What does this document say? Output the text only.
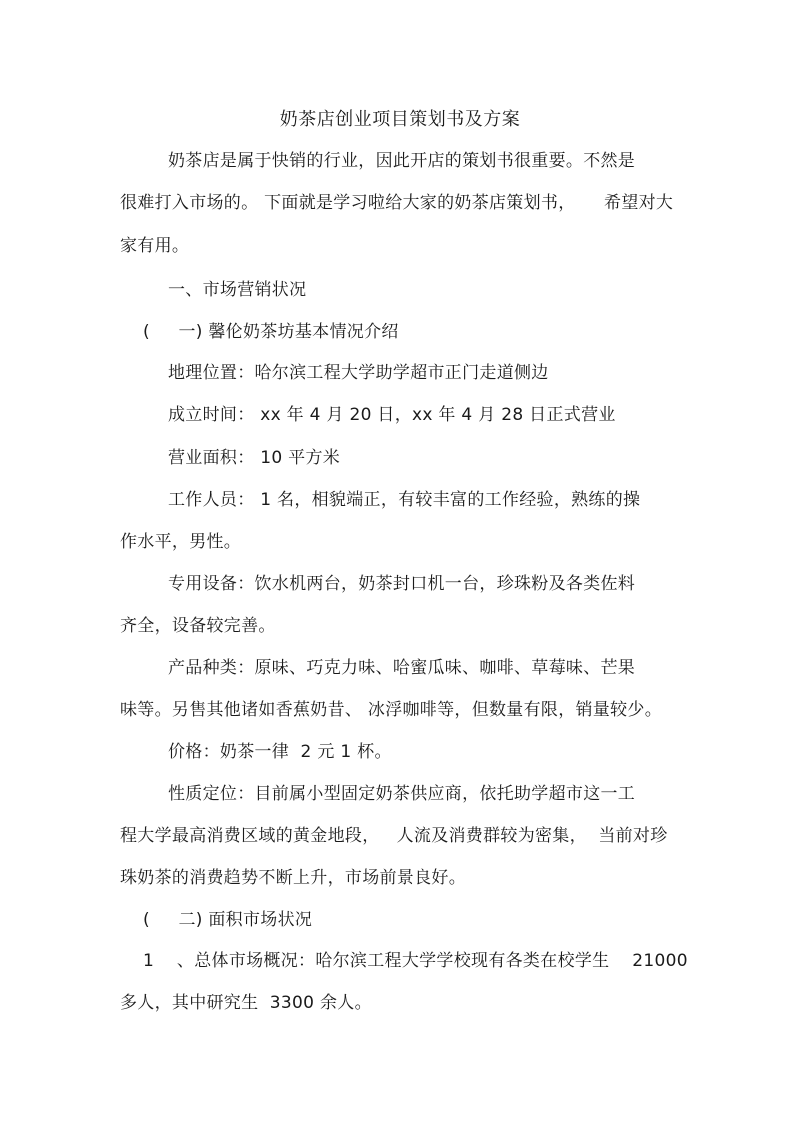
奶茶店创业项目策划书及方案
奶茶店是属于快销的行业，因此开店的策划书很重要。不然是
很难打入市场的。 下面就是学习啦给大家的奶茶店策划书，     希望对大
家有用。
一、市场营销状况
(     一) 馨伦奶茶坊基本情况介绍
地理位置：哈尔滨工程大学助学超市正门走道侧边
成立时间： xx 年 4 月 20 日，xx 年 4 月 28 日正式营业
营业面积： 10 平方米
工作人员： 1 名，相貌端正，有较丰富的工作经验，熟练的操
作水平，男性。
专用设备：饮水机两台，奶茶封口机一台，珍珠粉及各类佐料
齐全，设备较完善。
产品种类：原味、巧克力味、哈蜜瓜味、咖啡、草莓味、芒果
味等。另售其他诸如香蕉奶昔、 冰浮咖啡等，但数量有限，销量较少。
价格：奶茶一律  2 元 1 杯。
性质定位：目前属小型固定奶茶供应商，依托助学超市这一工
程大学最高消费区域的黄金地段，   人流及消费群较为密集，  当前对珍
珠奶茶的消费趋势不断上升，市场前景良好。
(     二) 面积市场状况
1    、总体市场概况：哈尔滨工程大学学校现有各类在校学生    21000
多人，其中研究生  3300 余人。
